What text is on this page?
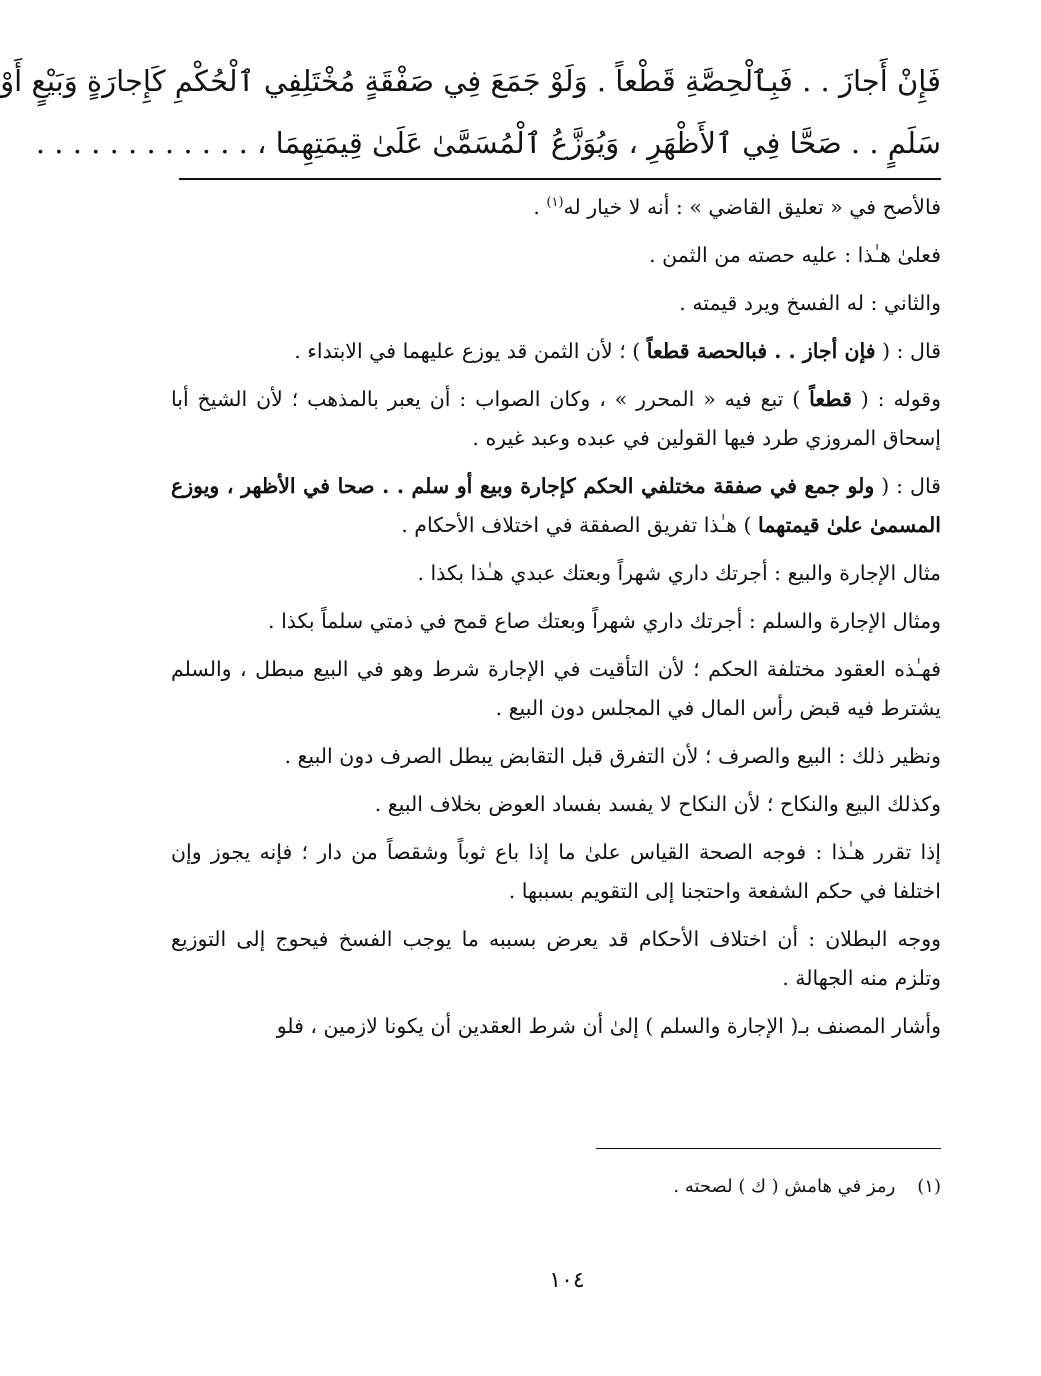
فَإِنْ أَجازَ . . فَبِٱلْحِصَّةِ قَطْعاً . وَلَوْ جَمَعَ فِي صَفْقَةٍ مُخْتَلِفِي ٱلْحُكْمِ كَإِجارَةٍ وَبَيْعٍ أَوْ
سَلَمٍ . . صَحَّا فِي ٱلأَظْهَرِ ، وَيُوَزَّعُ ٱلْمُسَمَّىٰ عَلَىٰ قِيمَتِهِمَا ، . . . . . . . . . . . .

فالأصح في « تعليق القاضي » : أنه لا خيار له$^{(١)}$ .

فعلىٰ هـٰذا : عليه حصته من الثمن .

والثاني : له الفسخ ويرد قيمته .

قال : ( فإن أجاز . . فبالحصة قطعاً ) ؛ لأن الثمن قد يوزع عليهما في الابتداء .

وقوله : ( قطعاً ) تبع فيه « المحرر » ، وكان الصواب : أن يعبر بالمذهب ؛ لأن الشيخ أبا إسحاق المروزي طرد فيها القولين في عبده وعبد غيره .

قال : ( ولو جمع في صفقة مختلفي الحكم كإجارة وبيع أو سلم . . صحا في الأظهر ، ويوزع المسمىٰ علىٰ قيمتهما ) هـٰذا تفريق الصفقة في اختلاف الأحكام .

مثال الإجارة والبيع : أجرتك داري شهراً وبعتك عبدي هـٰذا بكذا .

ومثال الإجارة والسلم : أجرتك داري شهراً وبعتك صاع قمح في ذمتي سلماً بكذا .

فهـٰذه العقود مختلفة الحكم ؛ لأن التأقيت في الإجارة شرط وهو في البيع مبطل ، والسلم يشترط فيه قبض رأس المال في المجلس دون البيع .

ونظير ذلك : البيع والصرف ؛ لأن التفرق قبل التقابض يبطل الصرف دون البيع .

وكذلك البيع والنكاح ؛ لأن النكاح لا يفسد بفساد العوض بخلاف البيع .

إذا تقرر هـٰذا : فوجه الصحة القياس علىٰ ما إذا باع ثوباً وشقصاً من دار ؛ فإنه يجوز وإن اختلفا في حكم الشفعة واحتجنا إلى التقويم بسببها .

ووجه البطلان : أن اختلاف الأحكام قد يعرض بسببه ما يوجب الفسخ فيحوج إلى التوزيع وتلزم منه الجهالة .

وأشار المصنف بـ( الإجارة والسلم ) إلىٰ أن شرط العقدين أن يكونا لازمين ، فلو

(١)رمز في هامش ( ك ) لصحته .
١٠٤
